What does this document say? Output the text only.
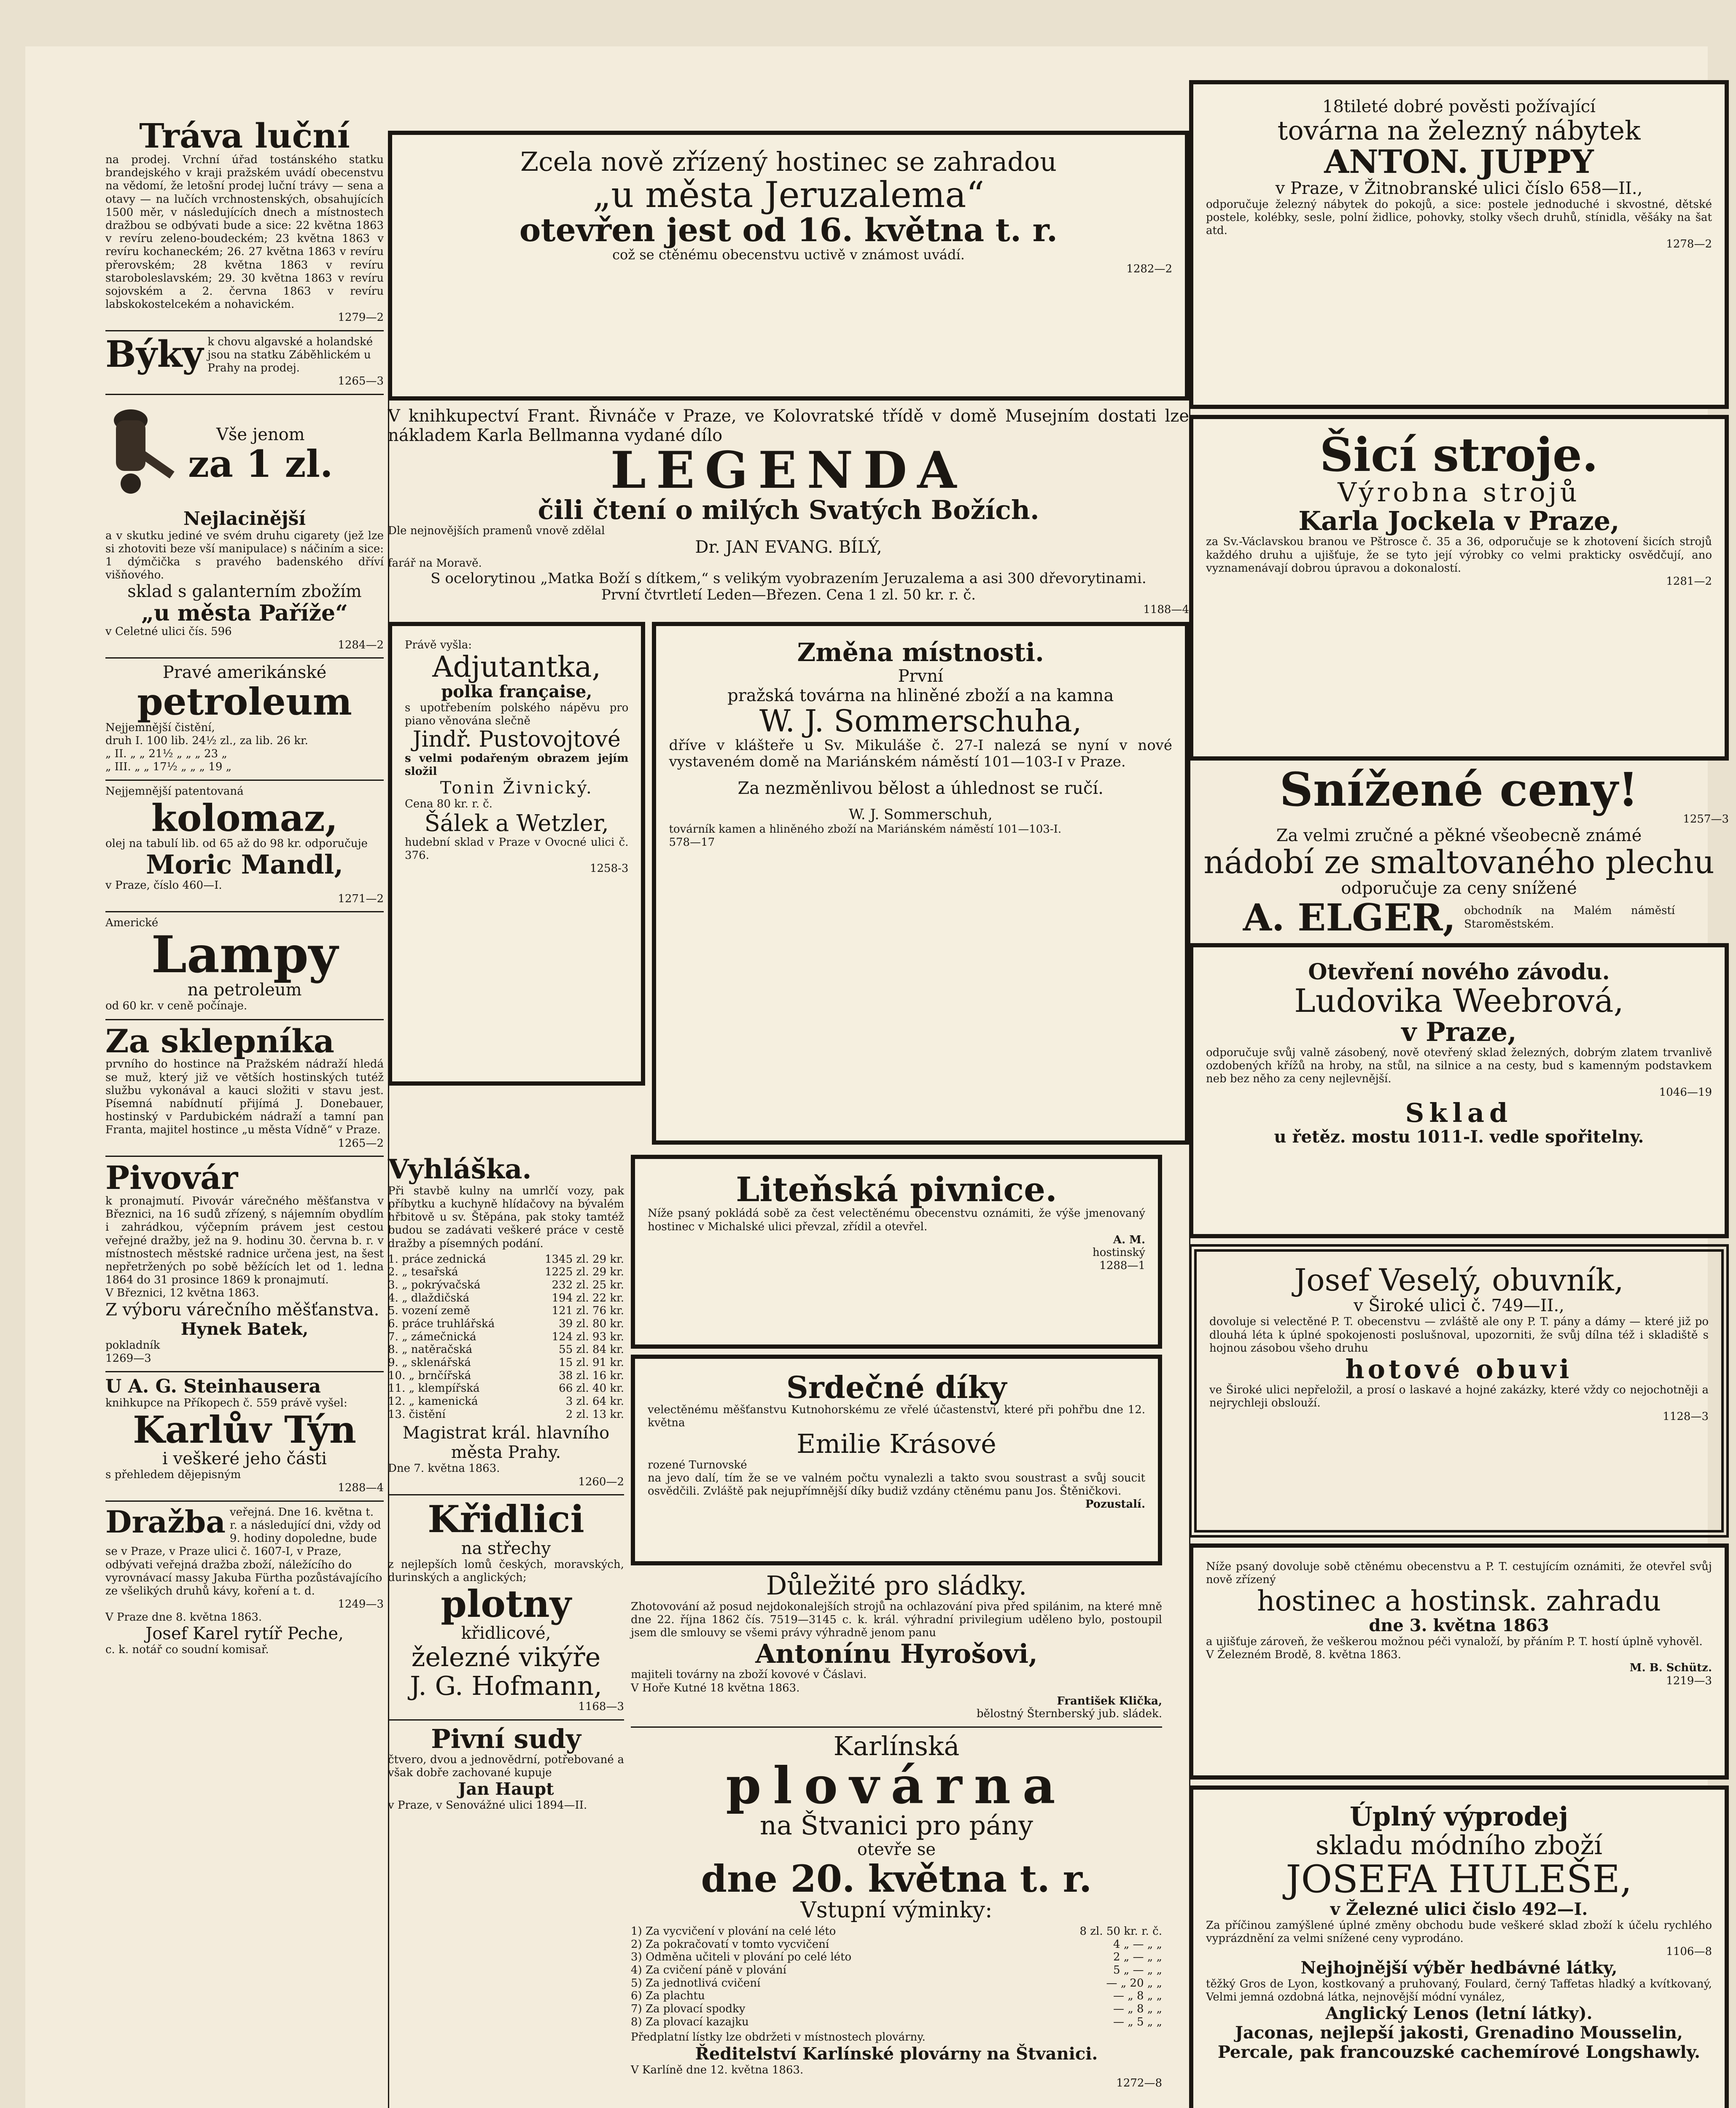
Tráva luční
na prodej. Vrchní úřad tostánského statku brandejského v kraji pražském uvádí obecenstvu na vědomí, že letošní prodej luční trávy — sena a otavy — na lučích vrchnostenských, obsahujících 1500 měr, v následujících dnech a místnostech dražbou se odbývati bude a sice: 22 května 1863 v revíru zeleno-boudeckém; 23 května 1863 v revíru kochaneckém; 26. 27 května 1863 v revíru přerovském; 28 května 1863 v revíru staroboleslavském; 29. 30 května 1863 v revíru sojovském a 2. června 1863 v revíru labskokostelcekém a nohavickém.
1279—2
Býky k chovu algavské a holandské jsou na statku Záběhlickém u Prahy na prodej.
1265—3
Vše jenom
za 1 zl.
Nejlacinější
a v skutku jediné ve svém druhu cigarety (jež lze si zhotoviti beze vší manipulace) s náčiním a sice: 1 dýmčička s pravého badenského dříví višňového.
sklad s galanterním zbožím
„u města Paříže“
v Celetné ulici čís. 596
1284—2
Pravé amerikánské
petroleum
Nejjemnější čistění,
druh I. 100 lib. 24½ zl., za lib. 26 kr.
„ II. „ „ 21½ „ „ „ 23 „
„ III. „ „ 17½ „ „ „ 19 „
Nejjemnější patentovaná
kolomaz,
olej na tabulí lib. od 65 až do 98 kr. odporučuje
Moric Mandl,
v Praze, číslo 460—I.
1271—2
Americké
Lampy
na petroleum
od 60 kr. v ceně počínaje.
Za sklepníka
prvního do hostince na Pražském nádraží hledá se muž, který již ve větších hostinských tutéž službu vykonával a kauci složiti v stavu jest. Písemná nabídnutí přijímá J. Donebauer, hostinský v Pardubickém nádraží a tamní pan Franta, majitel hostince „u města Vídně“ v Praze.
1265—2
Pivovár
k pronajmutí. Pivovár várečného měšťanstva v Březnici, na 16 sudů zřízený, s nájemním obydlím i zahrádkou, výčepním právem jest cestou veřejné dražby, jež na 9. hodinu 30. června b. r. v místnostech městské radnice určena jest, na šest nepřetržených po sobě běžících let od 1. ledna 1864 do 31 prosince 1869 k pronajmutí.
V Březnici, 12 května 1863.
Z výboru várečního měšťanstva.
Hynek Batek,
pokladník
1269—3
U A. G. Steinhausera
knihkupce na Příkopech č. 559 právě vyšel:
Karlův Týn
i veškeré jeho části
s přehledem dějepisným
1288—4
Dražba veřejná. Dne 16. května t. r. a následující dni, vždy od 9. hodiny dopoledne, bude se v Praze, v Praze ulici č. 1607-I, v Praze, odbývati veřejná dražba zboží, náležícího do vyrovnávací massy Jakuba Fürtha pozůstávajícího ze všelikých druhů kávy, koření a t. d.
1249—3
V Praze dne 8. května 1863.
Josef Karel rytíř Peche,
c. k. notář co soudní komisař.
Zcela nově zřízený hostinec se zahradou
„u města Jeruzalema“
otevřen jest od 16. května t. r.
což se ctěnému obecenstvu uctivě v známost uvádí.
1282—2
V knihkupectví Frant. Řivnáče v Praze, ve Kolovratské třídě v domě Musejním dostati lze nákladem Karla Bellmanna vydané dílo
LEGENDA
čili čtení o milých Svatých Božích.
Dle nejnovějších pramenů vnově zdělal
Dr. JAN EVANG. BÍLÝ,
farář na Moravě.
S ocelorytinou „Matka Boží s dítkem,“ s velikým vyobrazením Jeruzalema a asi 300 dřevorytinami.
První čtvrtletí Leden—Březen. Cena 1 zl. 50 kr. r. č.
1188—4
Právě vyšla:
Adjutantka,
polka française,
s upotřebením polského nápěvu pro piano věnována slečně
Jindř. Pustovojtové
s velmi podařeným obrazem jejím složil
Tonin Živnický.
Cena 80 kr. r. č.
Šálek a Wetzler,
hudební sklad v Praze v Ovocné ulici č. 376.
1258-3
Změna místnosti.
První
pražská továrna na hliněné zboží a na kamna
W. J. Sommerschuha,
dříve v klášteře u Sv. Mikuláše č. 27-I nalezá se nyní v nové vystaveném domě na Mariánském náměstí 101—103-I v Praze.
Za nezměnlivou bělost a úhlednost se ručí.
W. J. Sommerschuh,
továrník kamen a hliněného zboží na Mariánském náměstí 101—103-I.
578—17
Vyhláška.
Při stavbě kulny na umrlčí vozy, pak příbytku a kuchyně hlídačovy na bývalém hřbitově u sv. Štěpána, pak stoky tamtéž budou se zadávati veškeré práce v cestě dražby a písemných podání.
1. práce zednická	1345 zl. 29 kr.
2. „ tesařská	1225 zl. 29 kr.
3. „ pokrývačská	232 zl. 25 kr.
4. „ dlaždičská	194 zl. 22 kr.
5. vození země	121 zl. 76 kr.
6. práce truhlářská	39 zl. 80 kr.
7. „ zámečnická	124 zl. 93 kr.
8. „ natěračská	55 zl. 84 kr.
9. „ sklenářská	15 zl. 91 kr.
10. „ brnčířská	38 zl. 16 kr.
11. „ klempířská	66 zl. 40 kr.
12. „ kamenická	3 zl. 64 kr.
13. čistění	2 zl. 13 kr.
Magistrat král. hlavního města Prahy.
Dne 7. května 1863.
1260—2
Křidlici
na střechy
z nejlepších lomů českých, moravských, durinských a anglických;
plotny
křidlicové,
železné vikýře
J. G. Hofmann,
1168—3
Pivní sudy
čtvero, dvou a jednovědrní, potřebované a však dobře zachované kupuje
Jan Haupt
v Praze, v Senovážné ulici 1894—II.
Liteňská pivnice.
Níže psaný pokládá sobě za čest velectěnému obecenstvu oznámiti, že výše jmenovaný hostinec v Michalské ulici převzal, zřídil a otevřel.
A. M.
hostinský
1288—1
Srdečné díky
velectěnému měšťanstvu Kutnohorskému ze vřelé účastenství, které při pohřbu dne 12. května
Emilie Krásové
rozené Turnovské
na jevo dalí, tím že se ve valném počtu vynalezli a takto svou soustrast a svůj soucit osvědčili. Zvláště pak nejupřímnější díky budiž vzdány ctěnému panu Jos. Štěničkovi.
Pozustalí.
Důležité pro sládky.
Zhotovování až posud nejdokonalejších strojů na ochlazování piva před spilánim, na které mně dne 22. října 1862 čís. 7519—3145 c. k. král. výhradní privilegium uděleno bylo, postoupil jsem dle smlouvy se všemi právy výhradně jenom panu
Antonínu Hyrošovi,
majiteli továrny na zboží kovové v Čáslavi.
V Hoře Kutné 18 května 1863.
František Klička,
bělostný Šternberský jub. sládek.
Karlínská
plovárna
na Štvanici pro pány
otevře se
dne 20. května t. r.
Vstupní výminky:
1) Za vycvičení v plování na celé léto	8 zl. 50 kr. r. č.
2) Za pokračovatí v tomto vycvičení	4 „ — „ „
3) Odměna učiteli v plování po celé léto	2 „ — „ „
4) Za cvičení páně v plování	5 „ — „ „
5) Za jednotlivá cvičení	— „ 20 „ „
6) Za plachtu	— „ 8 „ „
7) Za plovací spodky	— „ 8 „ „
8) Za plovací kazajku	— „ 5 „ „
Předplatní lístky lze obdržeti v místnostech plovárny.
Ředitelství Karlínské plovárny na Štvanici.
V Karlíně dne 12. května 1863.
1272—8
18tileté dobré pověsti požívající
továrna na železný nábytek
ANTON. JUPPY
v Praze, v Žitnobranské ulici číslo 658—II.,
odporučuje železný nábytek do pokojů, a sice: postele jednoduché i skvostné, dětské postele, kolébky, sesle, polní židlice, pohovky, stolky všech druhů, stínidla, věšáky na šat atd.
1278—2
Šicí stroje.
Výrobna strojů
Karla Jockela v Praze,
za Sv.-Václavskou branou ve Pštrosce č. 35 a 36, odporučuje se k zhotovení šicích strojů každého druhu a ujišťuje, že se tyto její výrobky co velmi prakticky osvědčují, ano vyznamenávají dobrou úpravou a dokonalostí.
1281—2
Snížené ceny!
1257—3
Za velmi zručné a pěkné všeobecně známé
nádobí ze smaltovaného plechu
odporučuje za ceny snížené
A. ELGER, obchodník na Malém náměstí Staroměstském.
Otevření nového závodu.
Ludovika Weebrová,
v Praze,
odporučuje svůj valně zásobený, nově otevřený sklad železných, dobrým zlatem trvanlivě ozdobených křížů na hroby, na stůl, na silnice a na cesty, bud s kamenným podstavkem neb bez něho za ceny nejlevnější.
1046—19
Sklad
u řetěz. mostu 1011-I. vedle spořitelny.
Josef Veselý, obuvník,
v Široké ulici č. 749—II.,
dovoluje si velectěné P. T. obecenstvu — zvláště ale ony P. T. pány a dámy — které již po dlouhá léta k úplné spokojenosti poslušnoval, upozorniti, že svůj dílna též i skladiště s hojnou zásobou všeho druhu
hotové obuvi
ve Široké ulici nepřeložil, a prosí o laskavé a hojné zakázky, které vždy co nejochotněji a nejrychleji obslouží.
1128—3
Níže psaný dovoluje sobě ctěnému obecenstvu a P. T. cestujícím oznámiti, že otevřel svůj nově zřízený
hostinec a hostinsk. zahradu
dne 3. května 1863
a ujišťuje zároveň, že veškerou možnou péči vynaloží, by přáním P. T. hostí úplně vyhověl.
V Železném Brodě, 8. května 1863.
M. B. Schütz.
1219—3
Úplný výprodej
skladu módního zboží
JOSEFA HULEŠE,
v Železné ulici čislo 492—I.
Za příčinou zamýšlené úplné změny obchodu bude veškeré sklad zboží k účelu rychlého vyprázdnění za velmi snížené ceny vyprodáno.
1106—8
Nejhojnější výběr hedbávné látky,
těžký Gros de Lyon, kostkovaný a pruhovaný, Foulard, černý Taffetas hladký a kvítkovaný, Velmi jemná ozdobná látka, nejnovější módní vynález,
Anglický Lenos (letní látky).
Jaconas, nejlepší jakosti, Grenadino Mousselin, Percale, pak francouzské cachemírové Longshawly.
